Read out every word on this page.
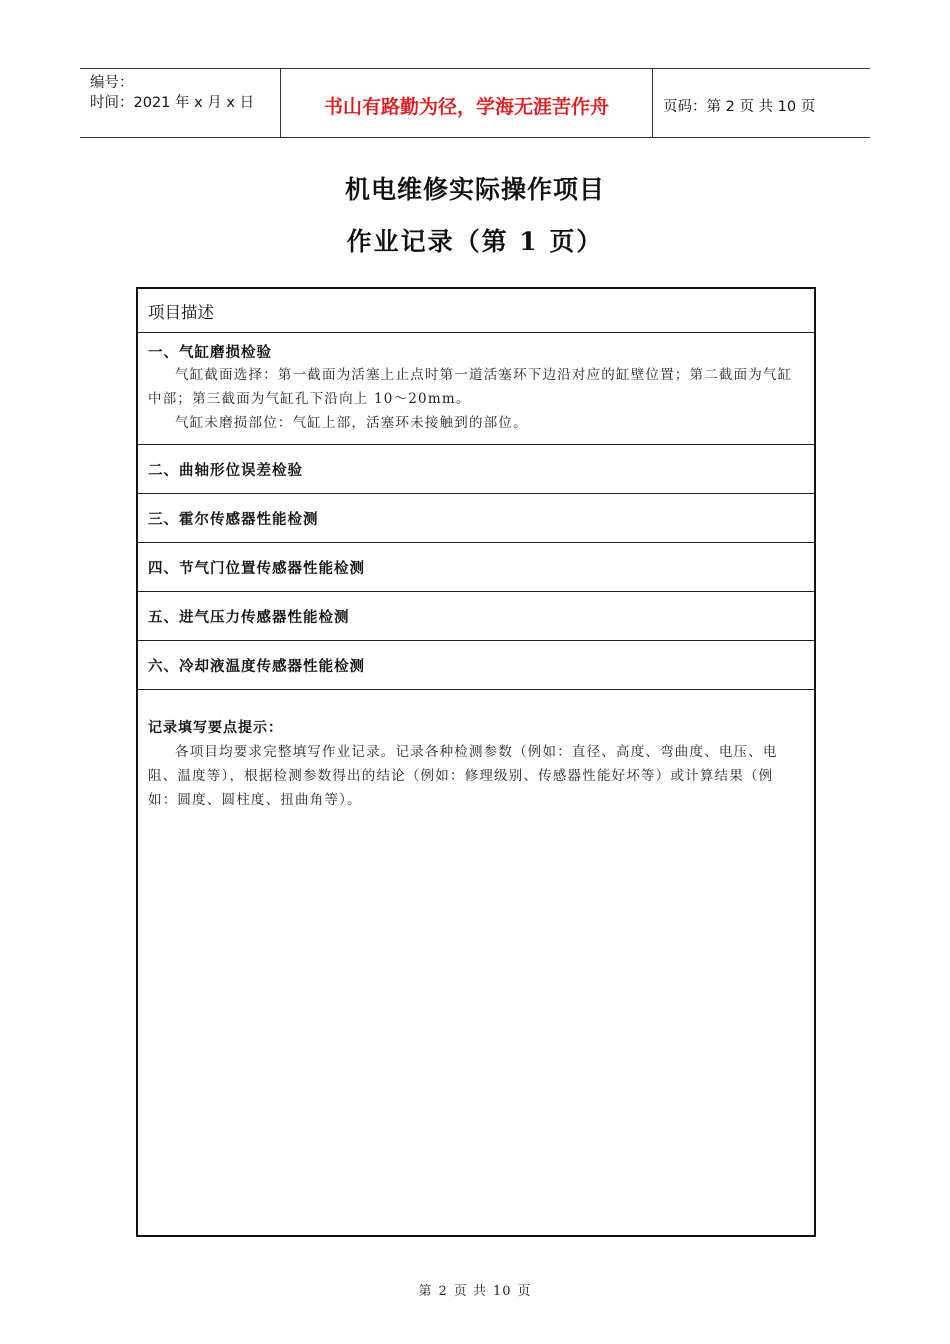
编号：
时间：2021 年 x 月 x 日	书山有路勤为径，学海无涯苦作舟	页码：第 2 页 共 10 页
机电维修实际操作项目
作业记录（第 1 页）
项目描述
一、气缸磨损检验

气缸截面选择：第一截面为活塞上止点时第一道活塞环下边沿对应的缸壁位置；第二截面为气缸中部；第三截面为气缸孔下沿向上 10～20mm。

气缸未磨损部位：气缸上部，活塞环未接触到的部位。

二、曲轴形位误差检验
三、霍尔传感器性能检测
四、节气门位置传感器性能检测
五、进气压力传感器性能检测
六、冷却液温度传感器性能检测
记录填写要点提示：

各项目均要求完整填写作业记录。记录各种检测参数（例如：直径、高度、弯曲度、电压、电阻、温度等），根据检测参数得出的结论（例如：修理级别、传感器性能好坏等）或计算结果（例如：圆度、圆柱度、扭曲角等）。

第 2 页 共 10 页
